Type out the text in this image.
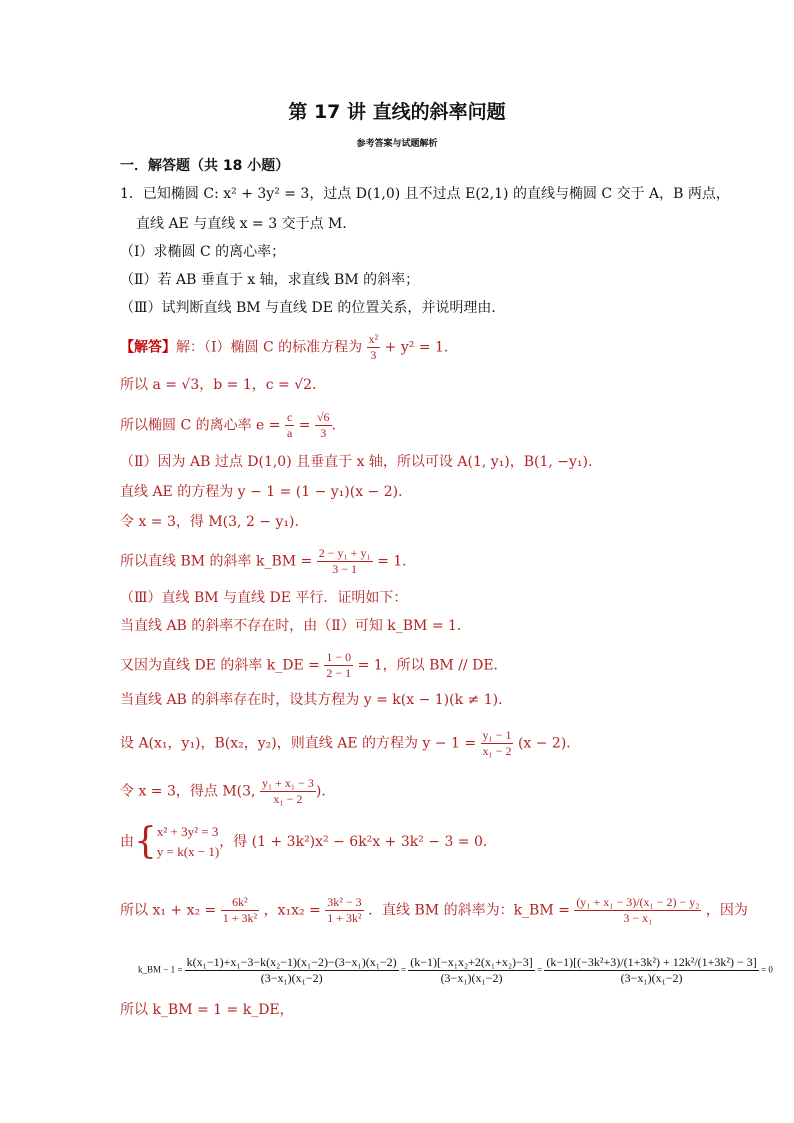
第 17 讲 直线的斜率问题
参考答案与试题解析
一．解答题（共 18 小题）
1．已知椭圆 C: x² + 3y² = 3，过点 D(1,0) 且不过点 E(2,1) 的直线与椭圆 C 交于 A，B 两点，
直线 AE 与直线 x = 3 交于点 M．
（Ⅰ）求椭圆 C 的离心率；
（Ⅱ）若 AB 垂直于 x 轴，求直线 BM 的斜率；
（Ⅲ）试判断直线 BM 与直线 DE 的位置关系，并说明理由．
【解答】解：（Ⅰ）椭圆 C 的标准方程为 $\frac{\text{x²}}{3} + y^2 = 1$．
所以 a = √3，b = 1，c = √2．
所以椭圆 C 的离心率 $e = \frac{c}{a} = \frac{√6}{3}$ ．
（Ⅱ）因为 AB 过点 D(1,0) 且垂直于 x 轴，所以可设 A(1, y₁)，B(1, −y₁)．
直线 AE 的方程为 y − 1 = (1 − y₁)(x − 2)．
令 x = 3，得 M(3, 2 − y₁)．
所以直线 BM 的斜率 k_BM = $\frac{\text{2 − y₁ + y₁}}{3 - 1} = 1$．
（Ⅲ）直线 BM 与直线 DE 平行．证明如下：
当直线 AB 的斜率不存在时，由（Ⅱ）可知 k_BM = 1．
又因为直线 DE 的斜率 k_DE = $\frac{1 - 0}{2 - 1} = 1$，所以 BM // DE．
当直线 AB 的斜率存在时，设其方程为 y = k(x − 1)(k ≠ 1)．
设 A(x₁，y₁)，B(x₂，y₂)，则直线 AE 的方程为 $y - 1 = \frac{\text{y₁ − 1}}{\text{x₁ − 2}} (x - 2)$．
令 x = 3，得点 M(3, $\frac{\text{y₁ + x₁ − 3}}{\text{x₁ − 2}}$ )．
由{ x² + 3y² = 3
y = k(x − 1)
，得 (1 + 3k²)x² − 6k²x + 3k² − 3 = 0．
所以 $x_1 + x_2 = \frac{\text{6k²}}{\text{1 + 3k²}}$ ，$x_1x_2 = \frac{\text{3k² − 3}}{\text{1 + 3k²}}$ ．直线 BM 的斜率为：k_BM = $\frac{\text{(y₁ + x₁ − 3)/(x₁ − 2) − y₂}}{\text{3 − x₁}}$ ，因为
k_BM − $1 = \frac{\text{k(x₁−1)+x₁−3−k(x₂−1)(x₁−2)−(3−x₁)(x₁−2)}}{\text{(3−x₁)(x₁−2)}} = \frac{\text{(k−1)[−x₁x₂+2(x₁+x₂)−3]}}{\text{(3−x₁)(x₁−2)}} = \frac{\text{(k−1)[(−3k²+3)/(1+3k²) + 12k²/(1+3k²) − 3]}}{\text{(3−x₁)(x₁−2)}} = 0$
所以 k_BM = 1 = k_DE，
